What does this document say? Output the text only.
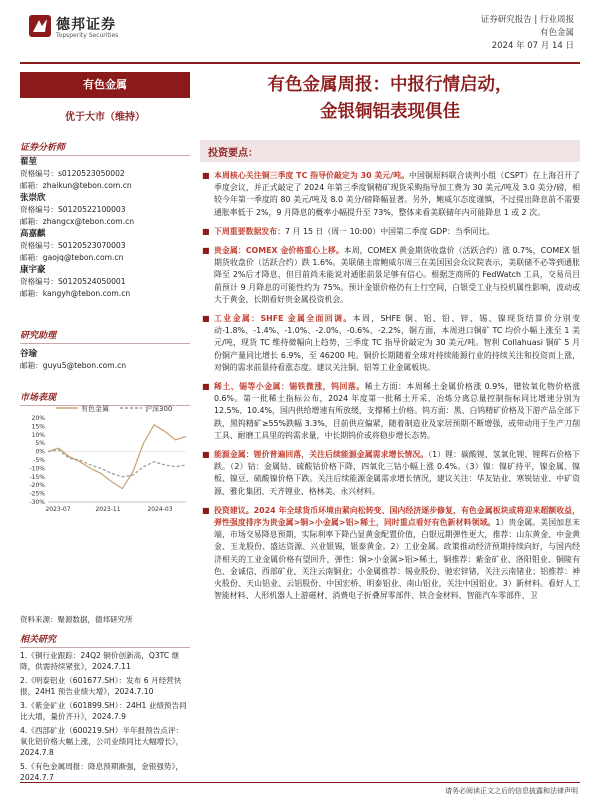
德邦证券
Topsperity Securities
证券研究报告 | 行业周报
有色金属
2024 年 07 月 14 日
有色金属
优于大市（维持）
证券分析师
翟堃
资格编号：s0120523050002
邮箱：zhaikun@tebon.com.cn
张崇欣
资格编号：S0120522100003
邮箱：zhangcx@tebon.com.cn
高嘉麒
资格编号：S0120523070003
邮箱：gaojq@tebon.com.cn
康宇豪
资格编号：S0120524050001
邮箱：kangyh@tebon.com.cn
研究助理
谷瑜
邮箱：guyu5@tebon.com.cn
市场表现
有色金属	沪深300
20%
15%
10%
5%
0%
-5%
-10%
-15%
-20%
-25%
-30%
2023-07	2023-11	2024-03
资料来源：聚源数据，德邦研究所
相关研究
1.《铜行业跟踪：24Q2 铜价创新高，Q3TC 继降，供需持续紧张》，2024.7.11
2.《明泰铝业（601677.SH）：发布 6 月经营快报，24H1 预告业绩大增》，2024.7.10
3.《紫金矿业（601899.SH）：24H1 业绩预告同比大增，量价齐升》，2024.7.9
4.《西部矿业（600219.SH）半年报预告点评：氧化铝价格大幅上涨，公司业绩同比大幅增长》，2024.7.8
5.《有色金属周报：降息预期渐强，金银强势》，2024.7.7
有色金属周报：中报行情启动，
金银铜铝表现俱佳
投资要点：
■ 本周核心关注铜三季度 TC 指导价敲定为 30 美元/吨。中国铜原料联合谈判小组（CSPT）在上海召开了季度会议，并正式敲定了 2024 年第三季度铜精矿现货采购指导加工费为 30 美元/吨及 3.0 美分/磅，相较今年第一季度的 80 美元/吨及 8.0 美分/磅降幅显著。另外，鲍威尔态度谨慎，不过提出降息前不需要通胀率低于 2%，9 月降息的概率小幅提升至 73%，整体来看美联储年内可能降息 1 或 2 次。
■ 下周重要数据发布：7 月 15 日（周一 10:00）中国第二季度 GDP：当季同比。
■ 贵金属：COMEX 金价格重心上移。本周，COMEX 黄金期货收盘价（活跃合约）涨 0.7%，COMEX 银期货收盘价（活跃合约）跌 1.6%。美联储主席鲍威尔周三在美国国会众议院表示，美联储不必等到通胀降至 2%后才降息，但目前尚未能说对通胀前景足够有信心。根据芝商所的 FedWatch 工具，交易员目前预计 9 月降息的可能性约为 75%。预计金银价格仍有上行空间，白银受工业与投机属性影响，波动或大于黄金，长期看好贵金属投资机会。
■ 工业金属：SHFE 金属全面回调。本周，SHFE 铜、铝、铅、锌、锡、镍现货结算价分别变动-1.8%、-1.4%、-1.0%、-2.0%、-0.6%、-2.2%，铜方面，本周进口铜矿 TC 均价小幅上涨至 1 美元/吨，现货 TC 维持微幅向上趋势，三季度 TC 指导价敲定为 30 美元/吨。智利 Collahuasi 铜矿 5 月份铜产量同比增长 6.9%，至 46200 吨。铜价长期随着全球对持续能源行业的持续关注和投资而上涨，对铜的需求前景持看涨态度。建议关注铜、铝等工业金属板块。
■ 稀土、锡等小金属：锡铁微涨，钨回落。稀土方面：本周稀土金属价格涨 0.9%，镨钕氧化物价格涨 0.6%。第一批稀土指标公布，2024 年度第一批稀土开采、冶炼分离总量控制指标同比增速分别为 12.5%、10.4%，国内供给增速有所放缓，支撑稀土价格。钨方面：黑、白钨精矿价格及下游产品全部下跌，黑钨精矿≥55%跌幅 3.3%，目前供应偏紧，随着制造业及家居预期不断增强，或带动用于生产刀削工具、耐磨工具里的钨需求量，中长期钨价或将稳步增长态势。
■ 能源金属：锂价普遍回落，关注后续能源金属需求增长情况。（1）锂：碳酸锂、氢氧化锂、锂辉石价格下跌。（2）钴：金属钴、硫酸钴价格下降，四氧化三钴小幅上涨 0.4%。（3）镍：镍矿持平，镍金属、镍板、镍豆、硫酸镍价格下跌。关注后续能源金属需求增长情况，建议关注：华友钴业、寒锐钴业、中矿资源、雅化集团、天齐锂业、格林美、永兴材料。
■ 投资建议。2024 年全球货币环境由紧向松转变、国内经济逐步修复，有色金属板块或将迎来超额收益，弹性强度排序为贵金属>铜>小金属>铝>稀土，同时重点看好有色新材料领域。1）贵金属。美国加息末端，市场交易降息预期，实际利率下降凸显黄金配置价值，白银远期弹性更大，推荐：山东黄金、中金黄金、玉龙股份、盛达资源、兴业银锡，银泰黄金。2）工业金属。政策推动经济预期持续向好，与国内经济相关的工业金属价格有望回升，弹性：铜>小金属>铝>稀土，铜推荐：紫金矿业、洛阳钼业、铜陵有色、金诚信、西部矿业，关注云南铜业；小金属推荐：锡业股份、驰宏锌锗，关注云南锗业；铝推荐：神火股份、天山铝业、云铝股份、中国宏桥、明泰铝业、南山铝业，关注中国铝业。3）新材料。看好人工智能材料、人形机器人上游磁材、消费电子折叠屏零部件、铁合金材料、智能汽车零部件、卫
请务必阅读正文之后的信息披露和法律声明
